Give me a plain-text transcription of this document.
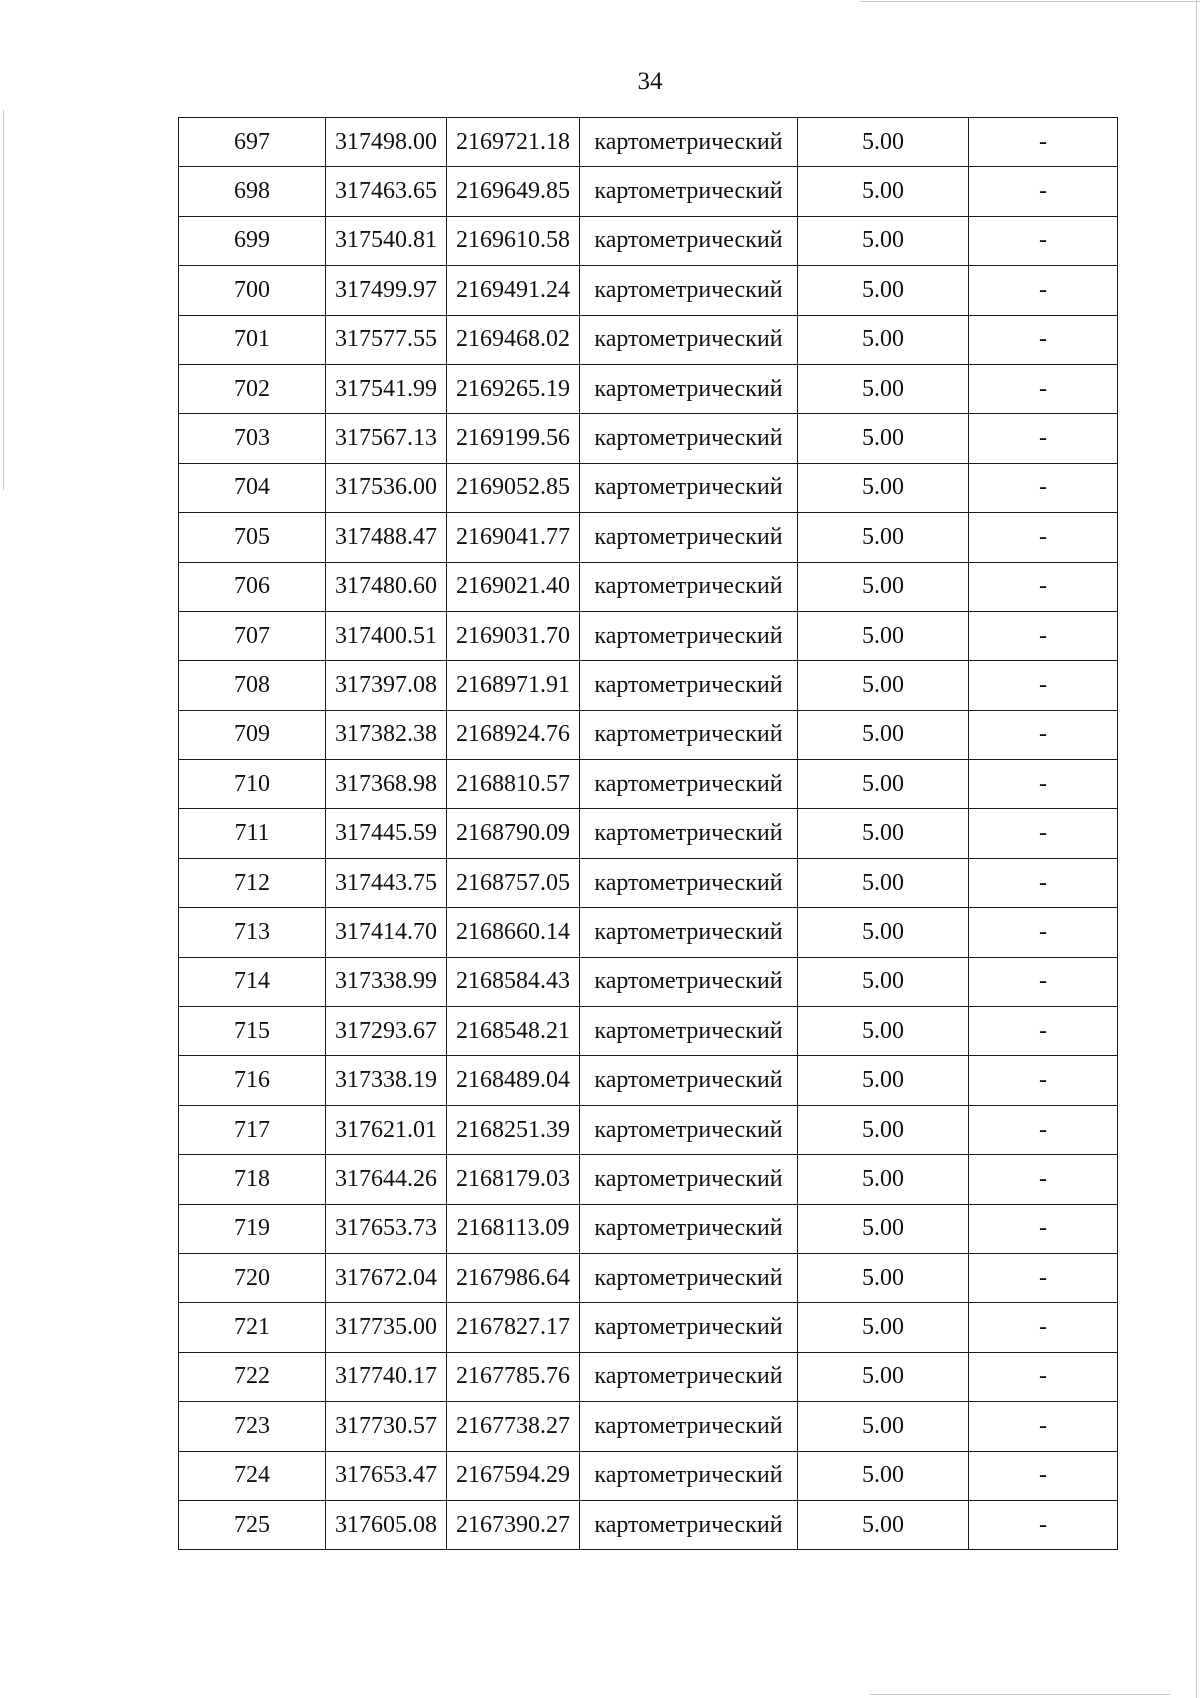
34
697	317498.00	2169721.18	картометрический	5.00	-
698	317463.65	2169649.85	картометрический	5.00	-
699	317540.81	2169610.58	картометрический	5.00	-
700	317499.97	2169491.24	картометрический	5.00	-
701	317577.55	2169468.02	картометрический	5.00	-
702	317541.99	2169265.19	картометрический	5.00	-
703	317567.13	2169199.56	картометрический	5.00	-
704	317536.00	2169052.85	картометрический	5.00	-
705	317488.47	2169041.77	картометрический	5.00	-
706	317480.60	2169021.40	картометрический	5.00	-
707	317400.51	2169031.70	картометрический	5.00	-
708	317397.08	2168971.91	картометрический	5.00	-
709	317382.38	2168924.76	картометрический	5.00	-
710	317368.98	2168810.57	картометрический	5.00	-
711	317445.59	2168790.09	картометрический	5.00	-
712	317443.75	2168757.05	картометрический	5.00	-
713	317414.70	2168660.14	картометрический	5.00	-
714	317338.99	2168584.43	картометрический	5.00	-
715	317293.67	2168548.21	картометрический	5.00	-
716	317338.19	2168489.04	картометрический	5.00	-
717	317621.01	2168251.39	картометрический	5.00	-
718	317644.26	2168179.03	картометрический	5.00	-
719	317653.73	2168113.09	картометрический	5.00	-
720	317672.04	2167986.64	картометрический	5.00	-
721	317735.00	2167827.17	картометрический	5.00	-
722	317740.17	2167785.76	картометрический	5.00	-
723	317730.57	2167738.27	картометрический	5.00	-
724	317653.47	2167594.29	картометрический	5.00	-
725	317605.08	2167390.27	картометрический	5.00	-
